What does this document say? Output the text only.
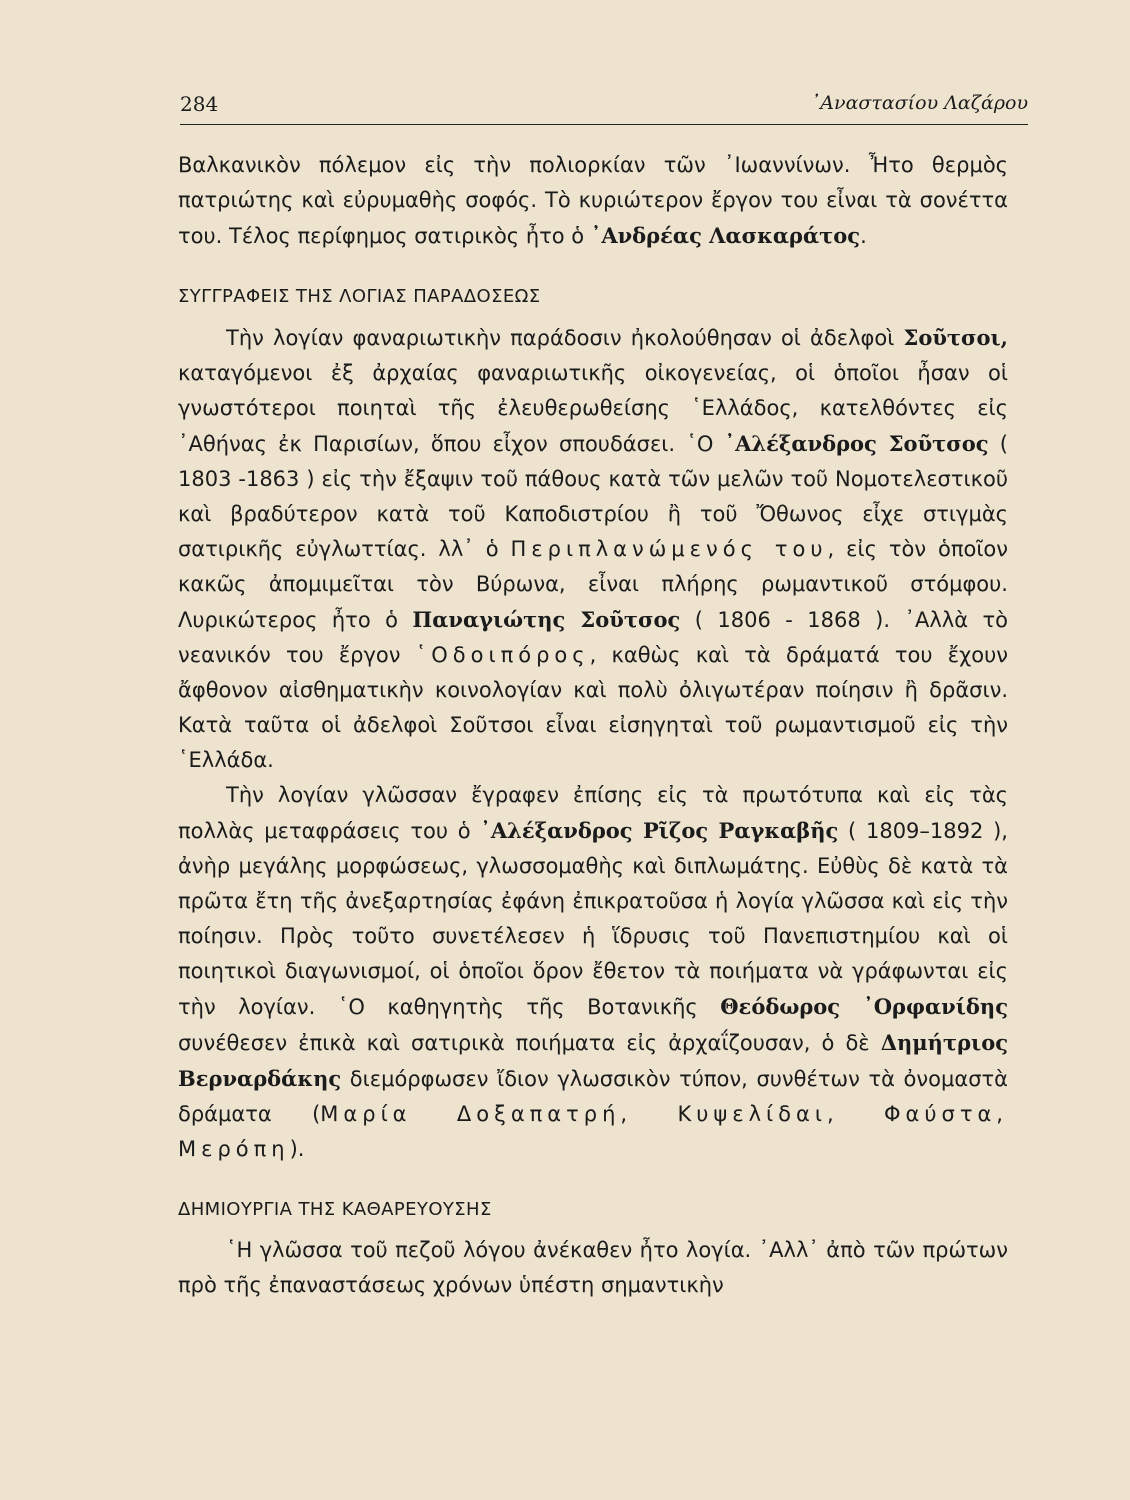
284	᾿Αναστασίου Λαζάρου

Βαλκανικὸν πόλεμον εἰς τὴν πολιορκίαν τῶν ᾿Ιωαννίνων. Ἦτο θερμὸς πατριώτης καὶ εὐρυμαθὴς σοφός. Τὸ κυριώτερον ἔργον του εἶναι τὰ σονέττα του. Τέλος περίφημος σατιρικὸς ἦτο ὁ ᾿Ανδρέας Λασκαράτος.

ΣΥΓΓΡΑΦΕΙΣ ΤΗΣ ΛΟΓΙΑΣ ΠΑΡΑΔΟΣΕΩΣ

Τὴν λογίαν φαναριωτικὴν παράδοσιν ἠκολούθησαν οἱ ἀδελφοὶ Σοῦτσοι, καταγόμενοι ἐξ ἀρχαίας φαναριωτικῆς οἰκογενείας, οἱ ὁποῖοι ἦσαν οἱ γνωστότεροι ποιηταὶ τῆς ἐλευθερωθείσης ῾Ελλάδος, κατελθόντες εἰς ᾿Αθήνας ἐκ Παρισίων, ὅπου εἶχον σπουδάσει. ῾Ο ᾿Αλέξανδρος Σοῦτσος ( 1803 -1863 ) εἰς τὴν ἔξαψιν τοῦ πάθους κατὰ τῶν μελῶν τοῦ Νομοτελεστικοῦ καὶ βραδύτερον κατὰ τοῦ Καποδιστρίου ἢ τοῦ Ὄθωνος εἶχε στιγμὰς σατιρικῆς εὐγλωττίας. λλ᾿ ὁ Περιπλανώμενός του, εἰς τὸν ὁποῖον κακῶς ἀπομιμεῖται τὸν Βύρωνα, εἶναι πλήρης ρωμαντικοῦ στόμφου. Λυρικώτερος ἦτο ὁ Παναγιώτης Σοῦτσος ( 1806 - 1868 ). ᾿Αλλὰ τὸ νεανικόν του ἔργον ῾Οδοιπόρος, καθὼς καὶ τὰ δράματά του ἔχουν ἄφθονον αἰσθηματικὴν κοινολογίαν καὶ πολὺ ὀλιγωτέραν ποίησιν ἢ δρᾶσιν. Κατὰ ταῦτα οἱ ἀδελφοὶ Σοῦτσοι εἶναι εἰσηγηταὶ τοῦ ρωμαντισμοῦ εἰς τὴν ῾Ελλάδα.

Τὴν λογίαν γλῶσσαν ἔγραφεν ἐπίσης εἰς τὰ πρωτότυπα καὶ εἰς τὰς πολλὰς μεταφράσεις του ὁ ᾿Αλέξανδρος Ρῖζος Ραγκαβῆς ( 1809–1892 ), ἀνὴρ μεγάλης μορφώσεως, γλωσσομαθὴς καὶ διπλωμάτης. Εὐθὺς δὲ κατὰ τὰ πρῶτα ἔτη τῆς ἀνεξαρτησίας ἐφάνη ἐπικρατοῦσα ἡ λογία γλῶσσα καὶ εἰς τὴν ποίησιν. Πρὸς τοῦτο συνετέλεσεν ἡ ἵδρυσις τοῦ Πανεπιστημίου καὶ οἱ ποιητικοὶ διαγωνισμοί, οἱ ὁποῖοι ὅρον ἔθετον τὰ ποιήματα νὰ γράφωνται εἰς τὴν λογίαν. ῾Ο καθηγητὴς τῆς Βοτανικῆς Θεόδωρος ᾿Ορφανίδης συνέθεσεν ἐπικὰ καὶ σατιρικὰ ποιήματα εἰς ἀρχαΐζουσαν, ὁ δὲ Δημήτριος Βερναρδάκης διεμόρφωσεν ἴδιον γλωσσικὸν τύπον, συνθέτων τὰ ὀνομαστὰ δράματα (Μαρία Δοξαπατρή, Κυψελίδαι, Φαύστα, Μερόπη).

ΔΗΜΙΟΥΡΓΙΑ ΤΗΣ ΚΑΘΑΡΕΥΟΥΣΗΣ

῾Η γλῶσσα τοῦ πεζοῦ λόγου ἀνέκαθεν ἦτο λογία. ᾿Αλλ᾿ ἀπὸ τῶν πρώτων πρὸ τῆς ἐπαναστάσεως χρόνων ὑπέστη σημαντικὴν
